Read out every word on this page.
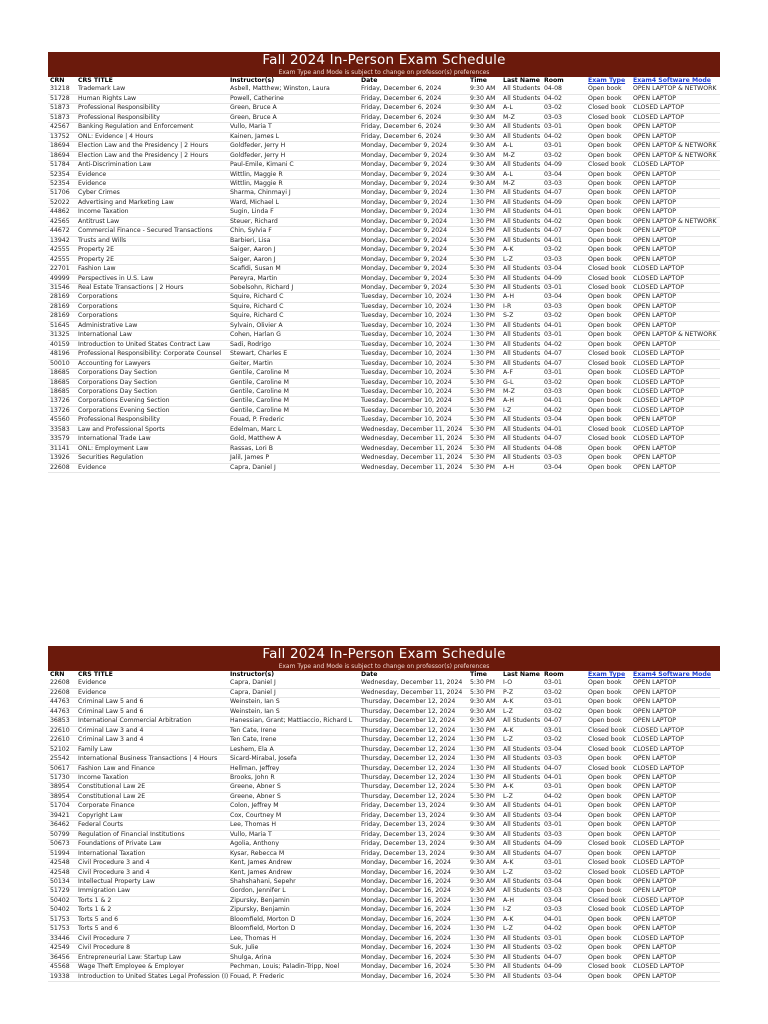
Fall 2024 In-Person Exam Schedule
Exam Type and Mode is subject to change on professor(s) preferences
CRN	CRS TITLE	Instructor(s)	Date	Time	Last Name	Room	Exam Type	Exam4 Software Mode
31218	Trademark Law	Asbell, Matthew; Winston, Laura	Friday, December 6, 2024	9:30 AM	All Students	04-08	Open book	OPEN LAPTOP & NETWORK
51728	Human Rights Law	Powell, Catherine	Friday, December 6, 2024	9:30 AM	All Students	04-02	Open book	OPEN LAPTOP
51873	Professional Responsibility	Green, Bruce A	Friday, December 6, 2024	9:30 AM	A-L	03-02	Closed book	CLOSED LAPTOP
51873	Professional Responsibility	Green, Bruce A	Friday, December 6, 2024	9:30 AM	M-Z	03-03	Closed book	CLOSED LAPTOP
42567	Banking Regulation and Enforcement	Vullo, Maria T	Friday, December 6, 2024	9:30 AM	All Students	03-01	Open book	OPEN LAPTOP
13752	ONL: Evidence | 4 Hours	Kainen, James L	Friday, December 6, 2024	9:30 AM	All Students	04-02	Open book	OPEN LAPTOP
18694	Election Law and the Presidency | 2 Hours	Goldfeder, Jerry H	Monday, December 9, 2024	9:30 AM	A-L	03-01	Open book	OPEN LAPTOP & NETWORK
18694	Election Law and the Presidency | 2 Hours	Goldfeder, Jerry H	Monday, December 9, 2024	9:30 AM	M-Z	03-02	Open book	OPEN LAPTOP & NETWORK
51784	Anti-Discrimination Law	Paul-Emile, Kimani C	Monday, December 9, 2024	9:30 AM	All Students	04-09	Closed book	CLOSED LAPTOP
52354	Evidence	Wittlin, Maggie R	Monday, December 9, 2024	9:30 AM	A-L	03-04	Open book	OPEN LAPTOP
52354	Evidence	Wittlin, Maggie R	Monday, December 9, 2024	9:30 AM	M-Z	03-03	Open book	OPEN LAPTOP
51706	Cyber Crimes	Sharma, Chinmayi J	Monday, December 9, 2024	1:30 PM	All Students	04-07	Open book	OPEN LAPTOP
52022	Advertising and Marketing Law	Ward, Michael L	Monday, December 9, 2024	1:30 PM	All Students	04-09	Open book	OPEN LAPTOP
44862	Income Taxation	Sugin, Linda F	Monday, December 9, 2024	1:30 PM	All Students	04-01	Open book	OPEN LAPTOP
42565	Antitrust Law	Steuer, Richard	Monday, December 9, 2024	1:30 PM	All Students	04-02	Open book	OPEN LAPTOP & NETWORK
44672	Commercial Finance - Secured Transactions	Chin, Sylvia F	Monday, December 9, 2024	5:30 PM	All Students	04-07	Open book	OPEN LAPTOP
13942	Trusts and Wills	Barbieri, Lisa	Monday, December 9, 2024	5:30 PM	All Students	04-01	Open book	OPEN LAPTOP
42555	Property 2E	Saiger, Aaron J	Monday, December 9, 2024	5:30 PM	A-K	03-02	Open book	OPEN LAPTOP
42555	Property 2E	Saiger, Aaron J	Monday, December 9, 2024	5:30 PM	L-Z	03-03	Open book	OPEN LAPTOP
22701	Fashion Law	Scafidi, Susan M	Monday, December 9, 2024	5:30 PM	All Students	03-04	Closed book	CLOSED LAPTOP
49999	Perspectives in U.S. Law	Pereyra, Martin	Monday, December 9, 2024	5:30 PM	All Students	04-09	Closed book	CLOSED LAPTOP
31546	Real Estate Transactions | 2 Hours	Sobelsohn, Richard J	Monday, December 9, 2024	5:30 PM	All Students	03-01	Closed book	CLOSED LAPTOP
28169	Corporations	Squire, Richard C	Tuesday, December 10, 2024	1:30 PM	A-H	03-04	Open book	OPEN LAPTOP
28169	Corporations	Squire, Richard C	Tuesday, December 10, 2024	1:30 PM	I-R	03-03	Open book	OPEN LAPTOP
28169	Corporations	Squire, Richard C	Tuesday, December 10, 2024	1:30 PM	S-Z	03-02	Open book	OPEN LAPTOP
51645	Administrative Law	Sylvain, Olivier A	Tuesday, December 10, 2024	1:30 PM	All Students	04-01	Open book	OPEN LAPTOP
31325	International Law	Cohen, Harlan G	Tuesday, December 10, 2024	1:30 PM	All Students	03-01	Open book	OPEN LAPTOP & NETWORK
40159	Introduction to United States Contract Law	Sadi, Rodrigo	Tuesday, December 10, 2024	1:30 PM	All Students	04-02	Open book	OPEN LAPTOP
48196	Professional Responsibility: Corporate Counsel	Stewart, Charles E	Tuesday, December 10, 2024	1:30 PM	All Students	04-07	Closed book	CLOSED LAPTOP
50010	Accounting for Lawyers	Geiter, Martin	Tuesday, December 10, 2024	5:30 PM	All Students	04-07	Closed book	CLOSED LAPTOP
18685	Corporations Day Section	Gentile, Caroline M	Tuesday, December 10, 2024	5:30 PM	A-F	03-01	Open book	CLOSED LAPTOP
18685	Corporations Day Section	Gentile, Caroline M	Tuesday, December 10, 2024	5:30 PM	G-L	03-02	Open book	CLOSED LAPTOP
18685	Corporations Day Section	Gentile, Caroline M	Tuesday, December 10, 2024	5:30 PM	M-Z	03-03	Open book	CLOSED LAPTOP
13726	Corporations Evening Section	Gentile, Caroline M	Tuesday, December 10, 2024	5:30 PM	A-H	04-01	Open book	CLOSED LAPTOP
13726	Corporations Evening Section	Gentile, Caroline M	Tuesday, December 10, 2024	5:30 PM	I-Z	04-02	Open book	CLOSED LAPTOP
45560	Professional Responsibility	Fouad, P. Frederic	Tuesday, December 10, 2024	5:30 PM	All Students	03-04	Open book	OPEN LAPTOP
33583	Law and Professional Sports	Edelman, Marc L	Wednesday, December 11, 2024	5:30 PM	All Students	04-01	Closed book	CLOSED LAPTOP
33579	International Trade Law	Gold, Matthew A	Wednesday, December 11, 2024	5:30 PM	All Students	04-07	Closed book	CLOSED LAPTOP
31141	ONL: Employment Law	Rassas, Lori B	Wednesday, December 11, 2024	5:30 PM	All Students	04-08	Open book	OPEN LAPTOP
13926	Securities Regulation	Jalil, James P	Wednesday, December 11, 2024	5:30 PM	All Students	03-03	Open book	OPEN LAPTOP
22608	Evidence	Capra, Daniel J	Wednesday, December 11, 2024	5:30 PM	A-H	03-04	Open book	OPEN LAPTOP
Fall 2024 In-Person Exam Schedule
Exam Type and Mode is subject to change on professor(s) preferences
CRN	CRS TITLE	Instructor(s)	Date	Time	Last Name	Room	Exam Type	Exam4 Software Mode
22608	Evidence	Capra, Daniel J	Wednesday, December 11, 2024	5:30 PM	I-O	03-01	Open book	OPEN LAPTOP
22608	Evidence	Capra, Daniel J	Wednesday, December 11, 2024	5:30 PM	P-Z	03-02	Open book	OPEN LAPTOP
44763	Criminal Law 5 and 6	Weinstein, Ian S	Thursday, December 12, 2024	9:30 AM	A-K	03-01	Open book	OPEN LAPTOP
44763	Criminal Law 5 and 6	Weinstein, Ian S	Thursday, December 12, 2024	9:30 AM	L-Z	03-02	Open book	OPEN LAPTOP
36853	International Commercial Arbitration	Hanessian, Grant; Mattiaccio, Richard L	Thursday, December 12, 2024	9:30 AM	All Students	04-07	Open book	OPEN LAPTOP
22610	Criminal Law 3 and 4	Ten Cate, Irene	Thursday, December 12, 2024	1:30 PM	A-K	03-01	Closed book	CLOSED LAPTOP
22610	Criminal Law 3 and 4	Ten Cate, Irene	Thursday, December 12, 2024	1:30 PM	L-Z	03-02	Closed book	CLOSED LAPTOP
52102	Family Law	Leshem, Ela A	Thursday, December 12, 2024	1:30 PM	All Students	03-04	Closed book	CLOSED LAPTOP
25542	International Business Transactions | 4 Hours	Sicard-Mirabal, Josefa	Thursday, December 12, 2024	1:30 PM	All Students	03-03	Open book	OPEN LAPTOP
50617	Fashion Law and Finance	Hellman, Jeffrey	Thursday, December 12, 2024	1:30 PM	All Students	04-07	Closed book	CLOSED LAPTOP
51730	Income Taxation	Brooks, John R	Thursday, December 12, 2024	1:30 PM	All Students	04-01	Open book	OPEN LAPTOP
38954	Constitutional Law 2E	Greene, Abner S	Thursday, December 12, 2024	5:30 PM	A-K	03-01	Open book	OPEN LAPTOP
38954	Constitutional Law 2E	Greene, Abner S	Thursday, December 12, 2024	5:30 PM	L-Z	04-02	Open book	OPEN LAPTOP
51704	Corporate Finance	Colon, Jeffrey M	Friday, December 13, 2024	9:30 AM	All Students	04-01	Open book	OPEN LAPTOP
39421	Copyright Law	Cox, Courtney M	Friday, December 13, 2024	9:30 AM	All Students	03-04	Open book	OPEN LAPTOP
36462	Federal Courts	Lee, Thomas H	Friday, December 13, 2024	9:30 AM	All Students	03-01	Open book	OPEN LAPTOP
50799	Regulation of Financial Institutions	Vullo, Maria T	Friday, December 13, 2024	9:30 AM	All Students	03-03	Open book	OPEN LAPTOP
50673	Foundations of Private Law	Agolia, Anthony	Friday, December 13, 2024	9:30 AM	All Students	04-09	Closed book	CLOSED LAPTOP
51994	International Taxation	Kysar, Rebecca M	Friday, December 13, 2024	9:30 AM	All Students	04-07	Open book	OPEN LAPTOP
42548	Civil Procedure 3 and 4	Kent, James Andrew	Monday, December 16, 2024	9:30 AM	A-K	03-01	Closed book	CLOSED LAPTOP
42548	Civil Procedure 3 and 4	Kent, James Andrew	Monday, December 16, 2024	9:30 AM	L-Z	03-02	Closed book	CLOSED LAPTOP
50134	Intellectual Property Law	Shahshahani, Sepehr	Monday, December 16, 2024	9:30 AM	All Students	03-04	Open book	OPEN LAPTOP
51729	Immigration Law	Gordon, Jennifer L	Monday, December 16, 2024	9:30 AM	All Students	03-03	Open book	OPEN LAPTOP
50402	Torts 1 & 2	Zipursky, Benjamin	Monday, December 16, 2024	1:30 PM	A-H	03-04	Closed book	CLOSED LAPTOP
50402	Torts 1 & 2	Zipursky, Benjamin	Monday, December 16, 2024	1:30 PM	I-Z	03-03	Closed book	CLOSED LAPTOP
51753	Torts 5 and 6	Bloomfield, Morton D	Monday, December 16, 2024	1:30 PM	A-K	04-01	Open book	OPEN LAPTOP
51753	Torts 5 and 6	Bloomfield, Morton D	Monday, December 16, 2024	1:30 PM	L-Z	04-02	Open book	OPEN LAPTOP
33446	Civil Procedure 7	Lee, Thomas H	Monday, December 16, 2024	1:30 PM	All Students	03-01	Open book	CLOSED LAPTOP
42549	Civil Procedure 8	Suk, Julie	Monday, December 16, 2024	1:30 PM	All Students	03-02	Open book	OPEN LAPTOP
36456	Entrepreneurial Law: Startup Law	Shulga, Arina	Monday, December 16, 2024	5:30 PM	All Students	04-07	Open book	OPEN LAPTOP
45568	Wage Theft Employee & Employer	Pechman, Louis; Paladin-Tripp, Noel	Monday, December 16, 2024	5:30 PM	All Students	04-09	Closed book	CLOSED LAPTOP
19338	Introduction to United States Legal Profession (I)	Fouad, P. Frederic	Monday, December 16, 2024	5:30 PM	All Students	03-04	Open book	OPEN LAPTOP
